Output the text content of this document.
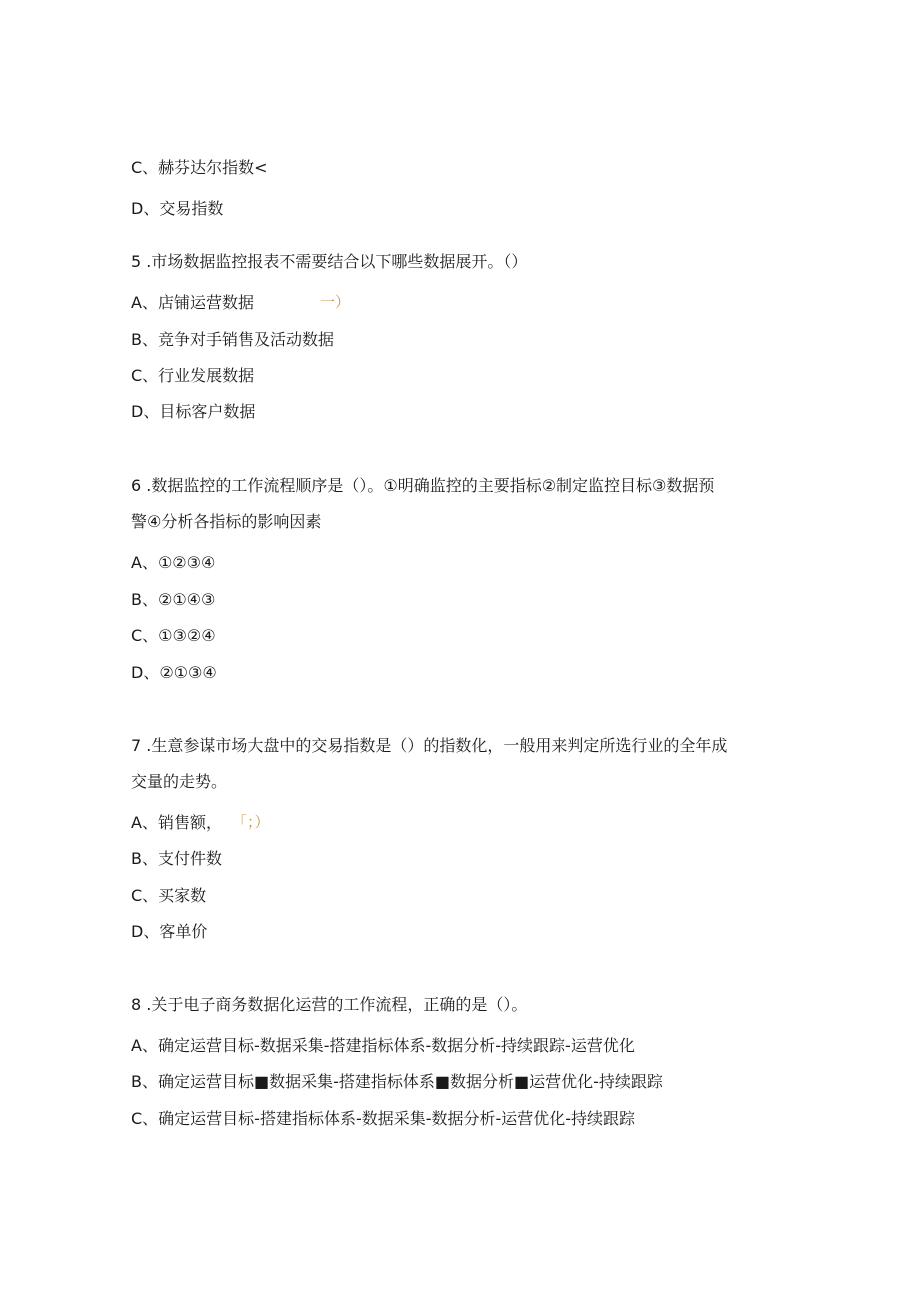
C、赫芬达尔指数<
D、交易指数
5 .市场数据监控报表不需要结合以下哪些数据展开。（）
A、店铺运营数据	一）
B、竞争对手销售及活动数据
C、行业发展数据
D、目标客户数据
6 .数据监控的工作流程顺序是（）。①明确监控的主要指标②制定监控目标③数据预
警④分析各指标的影响因素
A、①②③④
B、②①④③
C、①③②④
D、②①③④
7 .生意参谋市场大盘中的交易指数是（）的指数化，一般用来判定所选行业的全年成
交量的走势。
A、销售额， 「；）
B、支付件数
C、买家数
D、客单价
8 .关于电子商务数据化运营的工作流程，正确的是（）。
A、确定运营目标-数据采集-搭建指标体系-数据分析-持续跟踪-运营优化
B、确定运营目标■数据采集-搭建指标体系■数据分析■运营优化-持续跟踪
C、确定运营目标-搭建指标体系-数据采集-数据分析-运营优化-持续跟踪
